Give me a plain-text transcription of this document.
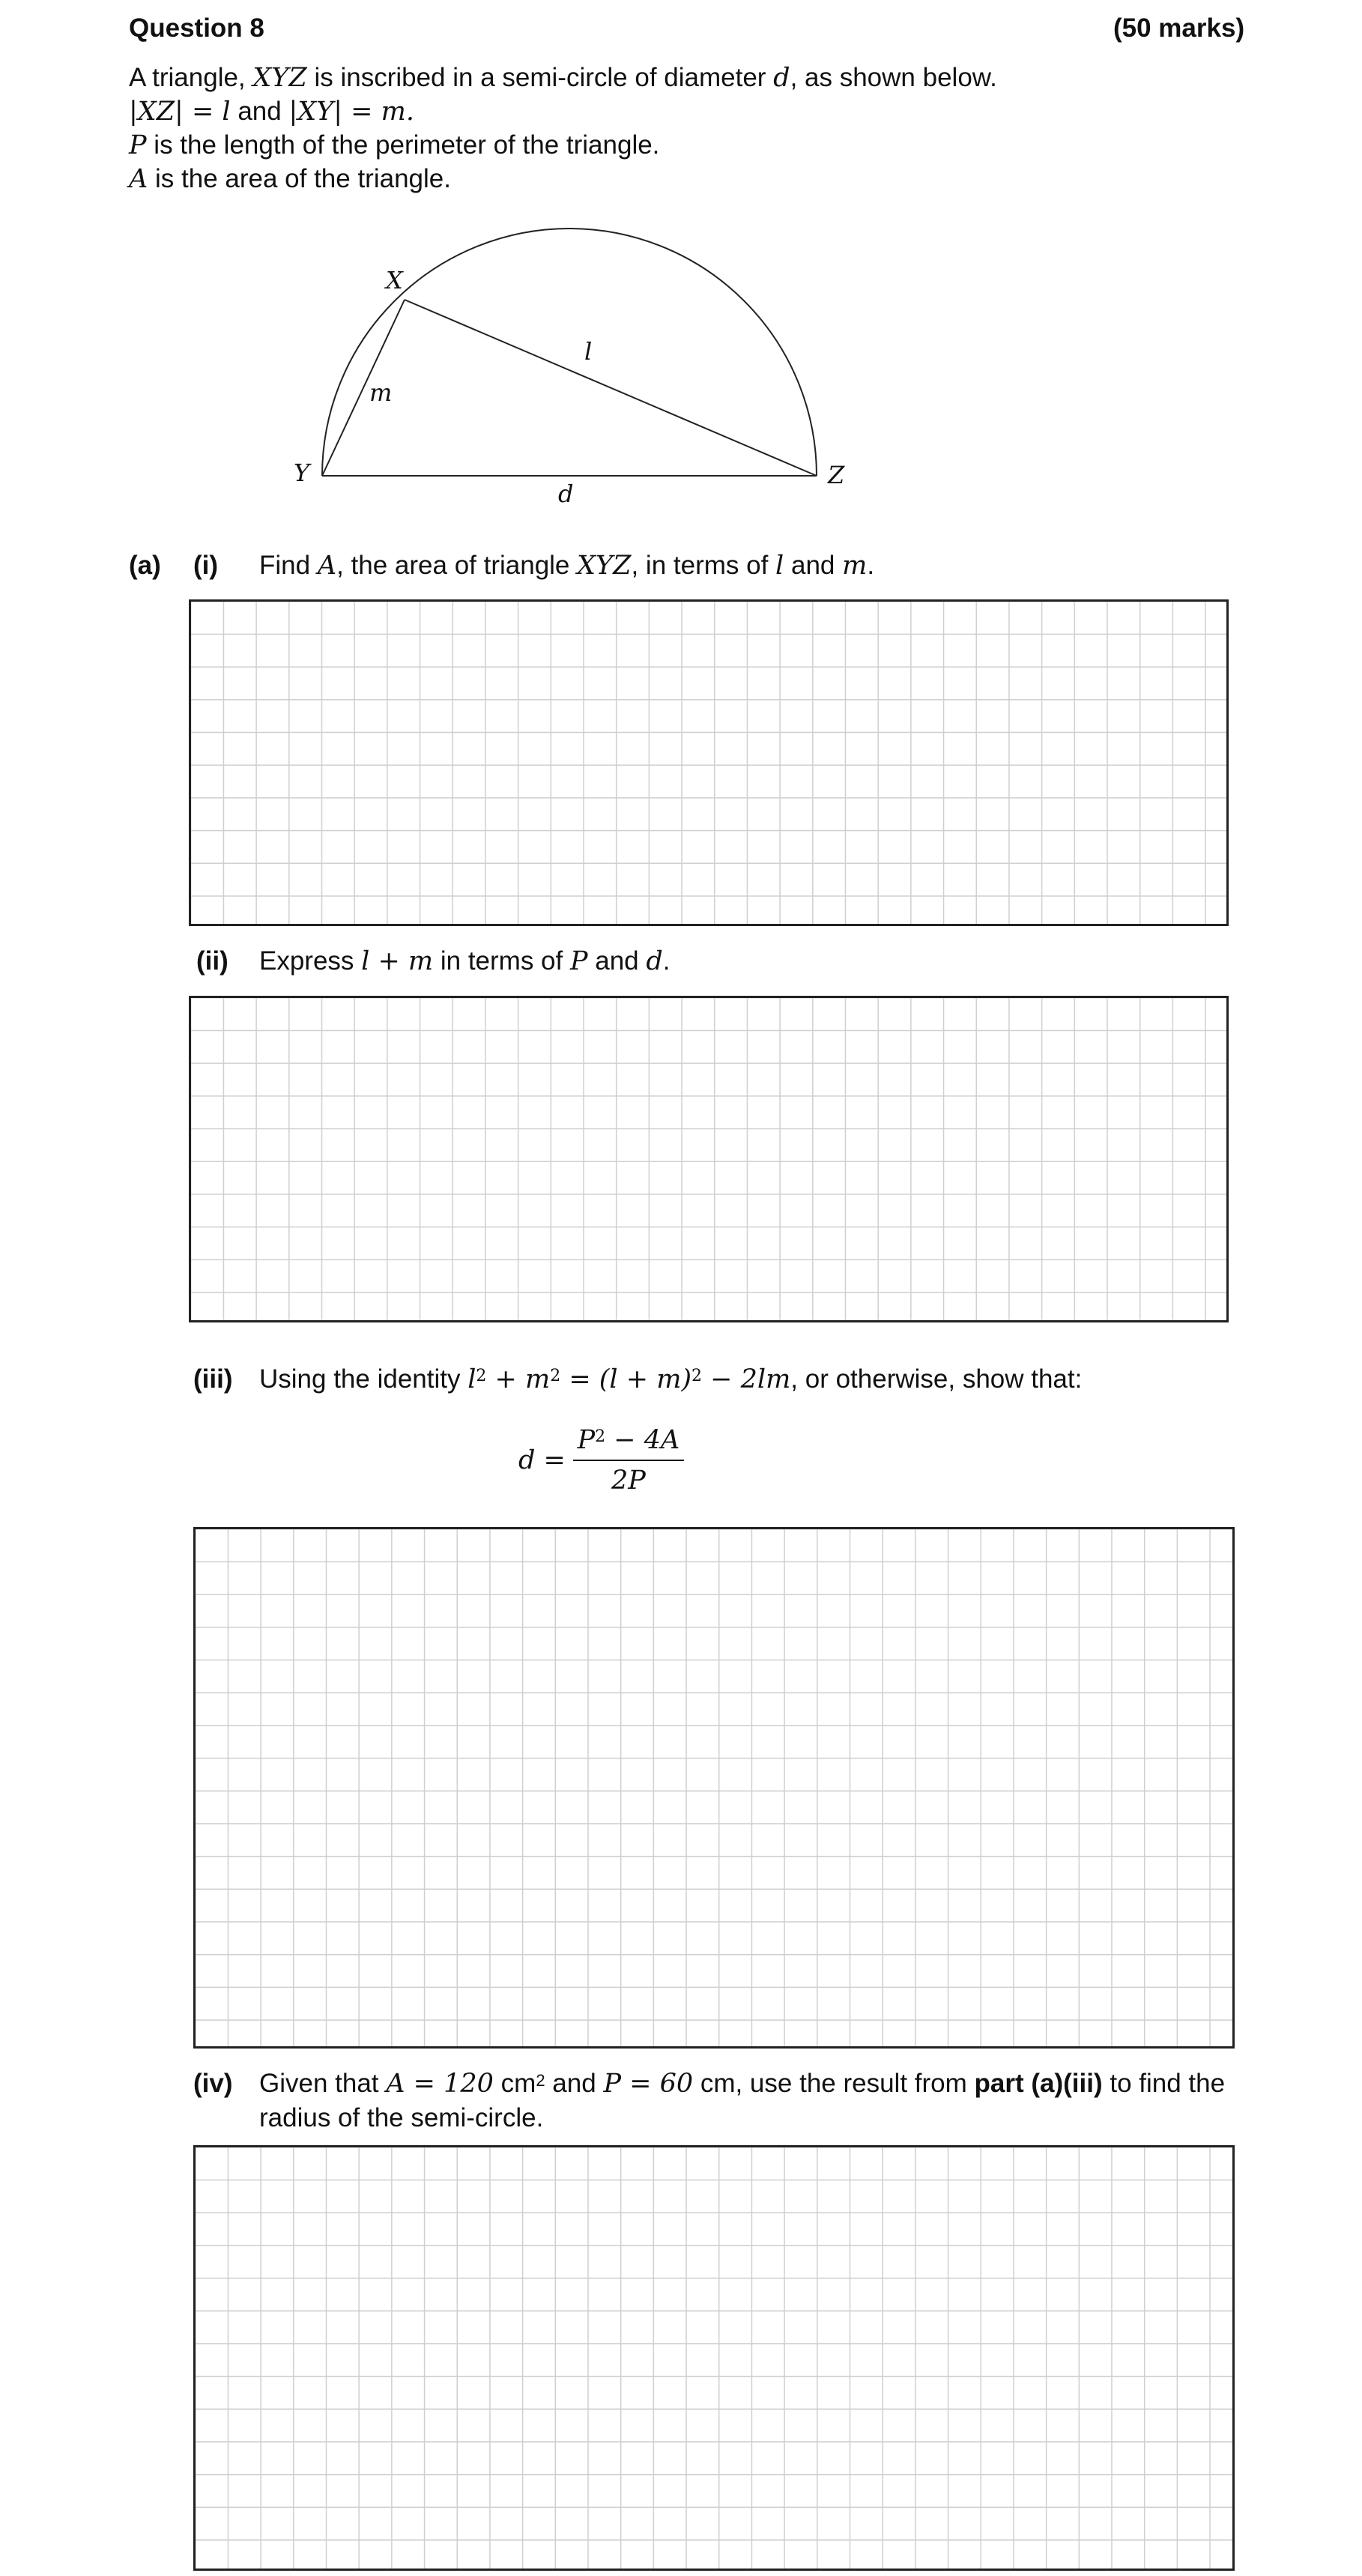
Question 8	(50 marks)
A triangle, XYZ is inscribed in a semi-circle of diameter d, as shown below.
|XZ| = l and |XY| = m.
P is the length of the perimeter of the triangle.
A is the area of the triangle.
X
Y	Z
l
m
d
(a) (i) Find A, the area of triangle XYZ, in terms of l and m.
(ii) Express l + m in terms of P and d.
(iii) Using the identity $l^2 + m^2 = (l + m)^2 - 2lm$, or otherwise, show that:
$d = \frac{P^2 - 4A}{2P}$
(iv) Given that A = 120 $cm^2$ and P = 60 cm, use the result from part (a)(iii) to find the
radius of the semi-circle.
